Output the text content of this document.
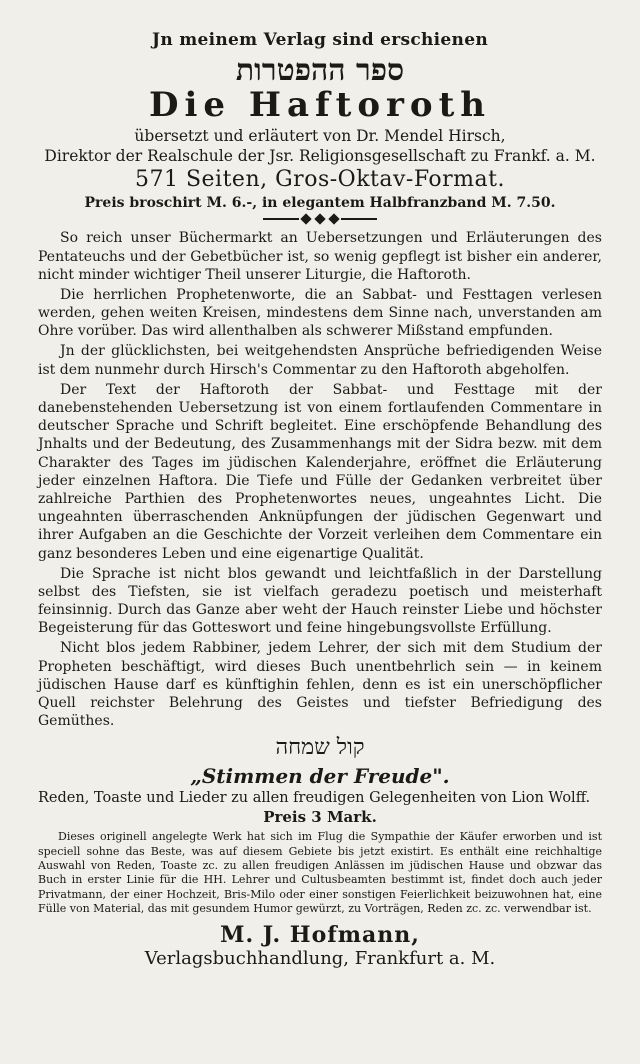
Jn meinem Verlag sind erschienen
ספר ההפטרות
Die Haftoroth
übersetzt und erläutert von Dr. Mendel Hirsch,
Direktor der Realschule der Jsr. Religionsgesellschaft zu Frankf. a. M.
571 Seiten, Gros-Oktav-Format.
Preis broschirt M. 6.-, in elegantem Halbfranzband M. 7.50.

So reich unser Büchermarkt an Uebersetzungen und Erläuterungen des Pentateuchs und der Gebetbücher ist, so wenig gepflegt ist bisher ein anderer, nicht minder wichtiger Theil unserer Liturgie, die Haftoroth.

Die herrlichen Prophetenworte, die an Sabbat- und Festtagen verlesen werden, gehen weiten Kreisen, mindestens dem Sinne nach, unverstanden am Ohre vorüber. Das wird allenthalben als schwerer Mißstand empfunden.

Jn der glücklichsten, bei weitgehendsten Ansprüche befriedigenden Weise ist dem nunmehr durch Hirsch's Commentar zu den Haftoroth abgeholfen.

Der Text der Haftoroth der Sabbat- und Festtage mit der danebenstehenden Uebersetzung ist von einem fortlaufenden Commentare in deutscher Sprache und Schrift begleitet. Eine erschöpfende Behandlung des Jnhalts und der Bedeutung, des Zusammenhangs mit der Sidra bezw. mit dem Charakter des Tages im jüdischen Kalenderjahre, eröffnet die Erläuterung jeder einzelnen Haftora. Die Tiefe und Fülle der Gedanken verbreitet über zahlreiche Parthien des Prophetenwortes neues, ungeahntes Licht. Die ungeahnten überraschenden Anknüpfungen der jüdischen Gegenwart und ihrer Aufgaben an die Geschichte der Vorzeit verleihen dem Commentare ein ganz besonderes Leben und eine eigenartige Qualität.

Die Sprache ist nicht blos gewandt und leichtfaßlich in der Darstellung selbst des Tiefsten, sie ist vielfach geradezu poetisch und meisterhaft feinsinnig. Durch das Ganze aber weht der Hauch reinster Liebe und höchster Begeisterung für das Gotteswort und feine hingebungsvollste Erfüllung.

Nicht blos jedem Rabbiner, jedem Lehrer, der sich mit dem Studium der Propheten beschäftigt, wird dieses Buch unentbehrlich sein — in keinem jüdischen Hause darf es künftighin fehlen, denn es ist ein unerschöpflicher Quell reichster Belehrung des Geistes und tiefster Befriedigung des Gemüthes.

קול שמחה
„Stimmen der Freude".
Reden, Toaste und Lieder zu allen freudigen Gelegenheiten von Lion Wolff.
Preis 3 Mark.

Dieses originell angelegte Werk hat sich im Flug die Sympathie der Käufer erworben und ist speciell sohne das Beste, was auf diesem Gebiete bis jetzt existirt. Es enthält eine reichhaltige Auswahl von Reden, Toaste zc. zu allen freudigen Anlässen im jüdischen Hause und obzwar das Buch in erster Linie für die HH. Lehrer und Cultusbeamten bestimmt ist, findet doch auch jeder Privatmann, der einer Hochzeit, Bris-Milo oder einer sonstigen Feierlichkeit beizuwohnen hat, eine Fülle von Material, das mit gesundem Humor gewürzt, zu Vorträgen, Reden zc. zc. verwendbar ist.

M. J. Hofmann,
Verlagsbuchhandlung, Frankfurt a. M.
